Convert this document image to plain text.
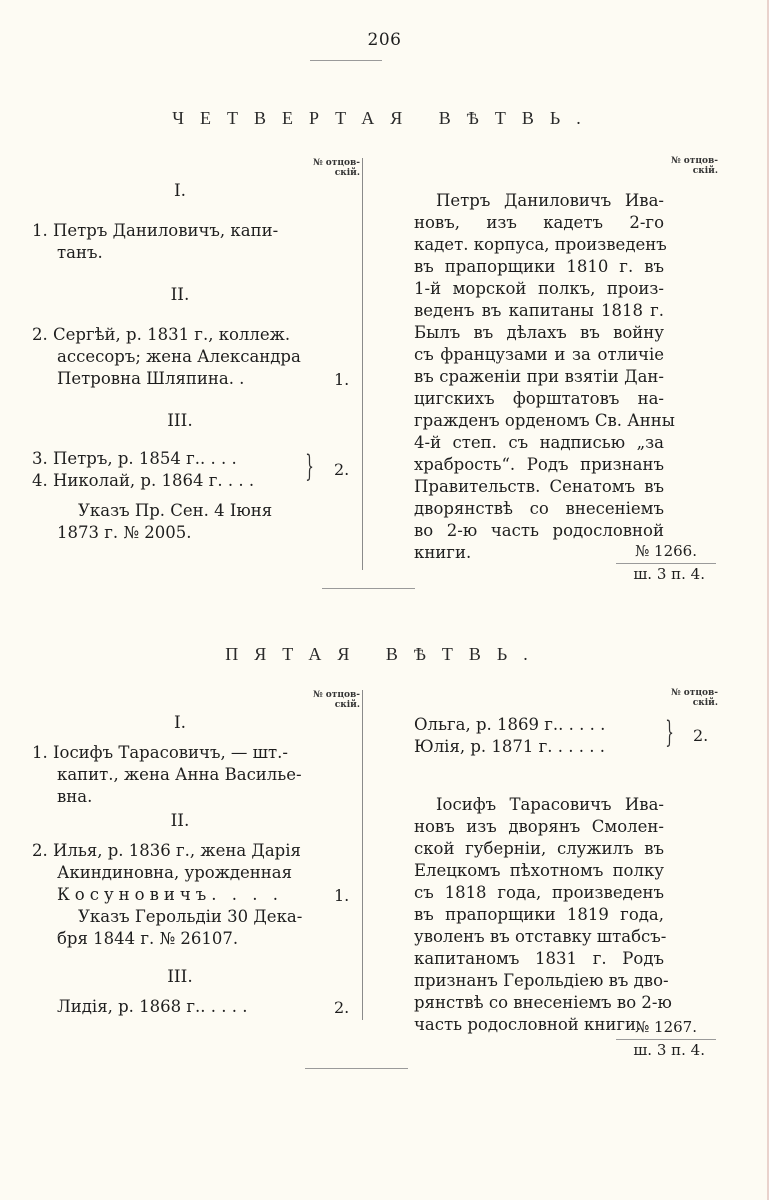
206
ЧЕТВЕРТАЯ ВѢТВЬ.
№ отцов-
скій.
I.
1. Петръ Даниловичъ, капи-
танъ.
II.
2. Сергѣй, р. 1831 г., коллеж.
ассесоръ; жена Александра
Петровна Шляпина. .	1.
III.
3. Петръ, р. 1854 г.. . . .
4. Николай, р. 1864 г. . . . } 2.
Указъ Пр. Сен. 4 Іюня
1873 г. № 2005.
№ отцов-
скій.
Петръ Даниловичъ Ива-
новъ, изъ кадетъ 2-го
кадет. корпуса, произведенъ
въ прапорщики 1810 г. въ
1-й морской полкъ, произ-
веденъ въ капитаны 1818 г.
Былъ въ дѣлахъ въ войну
съ французами и за отличіе
въ сраженіи при взятіи Дан-
цигскихъ форштатовъ на-
гражденъ орденомъ Св. Анны
4-й степ. съ надписью „за
храбрость“. Родъ признанъ
Правительств. Сенатомъ въ
дворянствѣ со внесеніемъ
во 2-ю часть родословной
книги.	№ 1266.
ш. 3 п. 4.
ПЯТАЯ ВѢТВЬ.
№ отцов-
скій.
I.
1. Іосифъ Тарасовичъ, — шт.-
капит., жена Анна Василье-
вна.
II.
2. Илья, р. 1836 г., жена Дарія
Акиндиновна, урожденная
Косуновичъ. . . .	1.
Указъ Герольдіи 30 Дека-
бря 1844 г. № 26107.
III.
Лидія, р. 1868 г.. . . . .	2.
№ отцов-
скій.
Ольга, р. 1869 г.. . . . .
Юлія, р. 1871 г. . . . . . } 2.
Іосифъ Тарасовичъ Ива-
новъ изъ дворянъ Смолен-
ской губерніи, служилъ въ
Елецкомъ пѣхотномъ полку
съ 1818 года, произведенъ
въ прапорщики 1819 года,
уволенъ въ отставку штабсъ-
капитаномъ 1831 г. Родъ
признанъ Герольдіею въ дво-
рянствѣ со внесеніемъ во 2-ю
часть родословной книги.
№ 1267.
ш. 3 п. 4.
